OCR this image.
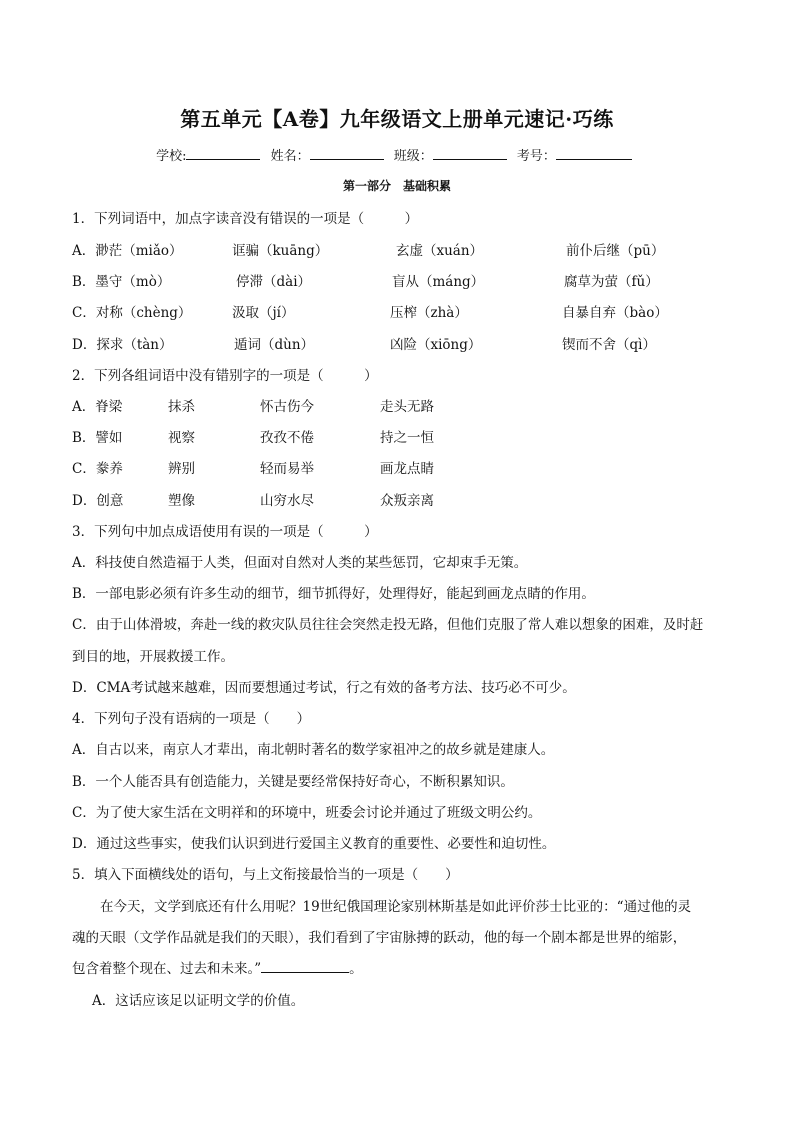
第五单元【A卷】九年级语文上册单元速记·巧练
学校:	姓名：	班级：	考号：
第一部分　基础积累
1．下列词语中，加点字读音没有错误的一项是（　　　）
A．渺茫（miǎo）	诓骗（kuāng）	玄虚（xuán）	前仆后继（pū）
B．墨守（mò）	停滞（dài）	盲从（máng）	腐草为萤（fǔ）
C．对称（chèng）	汲取（jí）	压榨（zhà）	自暴自弃（bào）
D．探求（tàn）	遁词（dùn）	凶险（xiōng）	锲而不舍（qì）
2．下列各组词语中没有错别字的一项是（　　　）
A．脊梁	抹杀	怀古伤今	走头无路
B．譬如	视察	孜孜不倦	持之一恒
C．豢养	辨别	轻而易举	画龙点睛
D．创意	塑像	山穷水尽	众叛亲离
3．下列句中加点成语使用有误的一项是（　　　）
A．科技使自然造福于人类，但面对自然对人类的某些惩罚，它却束手无策。
B．一部电影必须有许多生动的细节，细节抓得好，处理得好，能起到画龙点睛的作用。
C．由于山体滑坡，奔赴一线的救灾队员往往会突然走投无路，但他们克服了常人难以想象的困难，及时赶
到目的地，开展救援工作。
D．CMA考试越来越难，因而要想通过考试，行之有效的备考方法、技巧必不可少。
4．下列句子没有语病的一项是（　　）
A．自古以来，南京人才辈出，南北朝时著名的数学家祖冲之的故乡就是建康人。
B．一个人能否具有创造能力，关键是要经常保持好奇心，不断积累知识。
C．为了使大家生活在文明祥和的环境中，班委会讨论并通过了班级文明公约。
D．通过这些事实，使我们认识到进行爱国主义教育的重要性、必要性和迫切性。
5．填入下面横线处的语句，与上文衔接最恰当的一项是（　　）
在今天，文学到底还有什么用呢？19世纪俄国理论家别林斯基是如此评价莎士比亚的：“通过他的灵
魂的天眼（文学作品就是我们的天眼），我们看到了宇宙脉搏的跃动，他的每一个剧本都是世界的缩影，
包含着整个现在、过去和未来。”	。
A．这话应该足以证明文学的价值。
